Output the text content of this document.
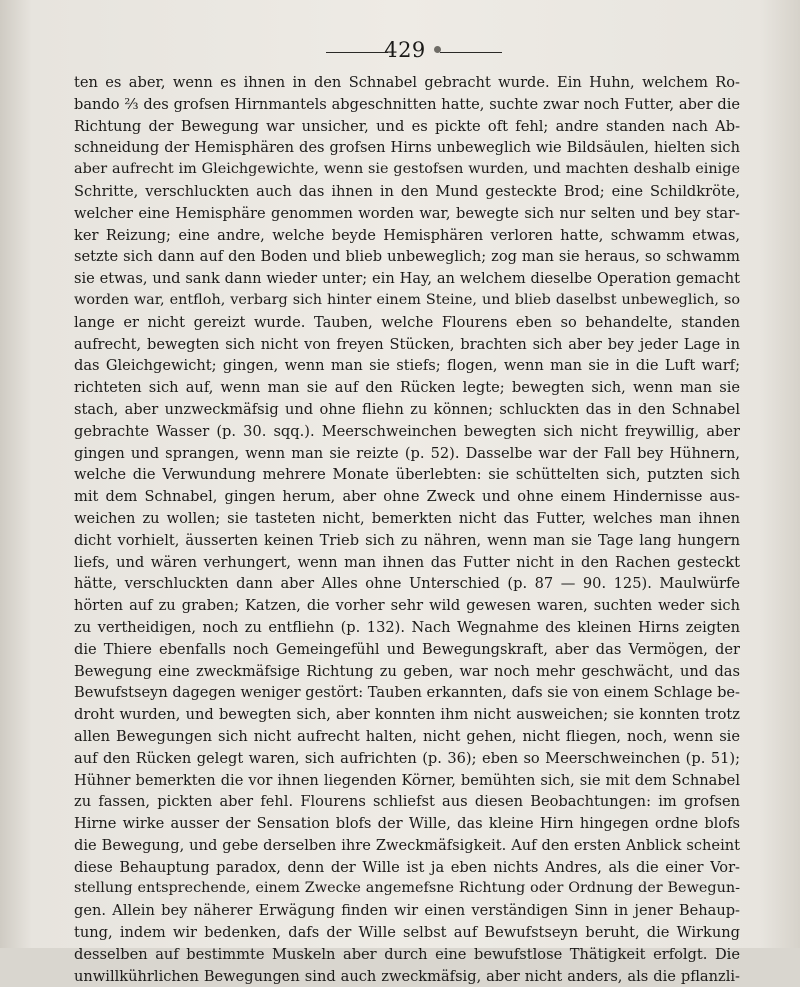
429
ten es aber, wenn es ihnen in den Schnabel gebracht wurde. Ein Huhn, welchem Ro-
bando ⅔ des grofsen Hirnmantels abgeschnitten hatte, suchte zwar noch Futter, aber die
Richtung der Bewegung war unsicher, und es pickte oft fehl; andre standen nach Ab-
schneidung der Hemisphären des grofsen Hirns unbeweglich wie Bildsäulen, hielten sich
aber aufrecht im Gleichgewichte, wenn sie gestofsen wurden, und machten deshalb einige
Schritte, verschluckten auch das ihnen in den Mund gesteckte Brod; eine Schildkröte,
welcher eine Hemisphäre genommen worden war, bewegte sich nur selten und bey star-
ker Reizung; eine andre, welche beyde Hemisphären verloren hatte, schwamm etwas,
setzte sich dann auf den Boden und blieb unbeweglich; zog man sie heraus, so schwamm
sie etwas, und sank dann wieder unter; ein Hay, an welchem dieselbe Operation gemacht
worden war, entfloh, verbarg sich hinter einem Steine, und blieb daselbst unbeweglich, so
lange er nicht gereizt wurde. Tauben, welche Flourens eben so behandelte, standen
aufrecht, bewegten sich nicht von freyen Stücken, brachten sich aber bey jeder Lage in
das Gleichgewicht; gingen, wenn man sie stiefs; flogen, wenn man sie in die Luft warf;
richteten sich auf, wenn man sie auf den Rücken legte; bewegten sich, wenn man sie
stach, aber unzweckmäfsig und ohne fliehn zu können; schluckten das in den Schnabel
gebrachte Wasser (p. 30. sqq.). Meerschweinchen bewegten sich nicht freywillig, aber
gingen und sprangen, wenn man sie reizte (p. 52). Dasselbe war der Fall bey Hühnern,
welche die Verwundung mehrere Monate überlebten: sie schüttelten sich, putzten sich
mit dem Schnabel, gingen herum, aber ohne Zweck und ohne einem Hindernisse aus-
weichen zu wollen; sie tasteten nicht, bemerkten nicht das Futter, welches man ihnen
dicht vorhielt, äusserten keinen Trieb sich zu nähren, wenn man sie Tage lang hungern
liefs, und wären verhungert, wenn man ihnen das Futter nicht in den Rachen gesteckt
hätte, verschluckten dann aber Alles ohne Unterschied (p. 87 — 90. 125). Maulwürfe
hörten auf zu graben; Katzen, die vorher sehr wild gewesen waren, suchten weder sich
zu vertheidigen, noch zu entfliehn (p. 132). Nach Wegnahme des kleinen Hirns zeigten
die Thiere ebenfalls noch Gemeingefühl und Bewegungskraft, aber das Vermögen, der
Bewegung eine zweckmäfsige Richtung zu geben, war noch mehr geschwächt, und das
Bewufstseyn dagegen weniger gestört: Tauben erkannten, dafs sie von einem Schlage be-
droht wurden, und bewegten sich, aber konnten ihm nicht ausweichen; sie konnten trotz
allen Bewegungen sich nicht aufrecht halten, nicht gehen, nicht fliegen, noch, wenn sie
auf den Rücken gelegt waren, sich aufrichten (p. 36); eben so Meerschweinchen (p. 51);
Hühner bemerkten die vor ihnen liegenden Körner, bemühten sich, sie mit dem Schnabel
zu fassen, pickten aber fehl. Flourens schliefst aus diesen Beobachtungen: im grofsen
Hirne wirke ausser der Sensation blofs der Wille, das kleine Hirn hingegen ordne blofs
die Bewegung, und gebe derselben ihre Zweckmäfsigkeit. Auf den ersten Anblick scheint
diese Behauptung paradox, denn der Wille ist ja eben nichts Andres, als die einer Vor-
stellung entsprechende, einem Zwecke angemefsne Richtung oder Ordnung der Bewegun-
gen. Allein bey näherer Erwägung finden wir einen verständigen Sinn in jener Behaup-
tung, indem wir bedenken, dafs der Wille selbst auf Bewufstseyn beruht, die Wirkung
desselben auf bestimmte Muskeln aber durch eine bewufstlose Thätigkeit erfolgt. Die
unwillkührlichen Bewegungen sind auch zweckmäfsig, aber nicht anders, als die pflanzli-
